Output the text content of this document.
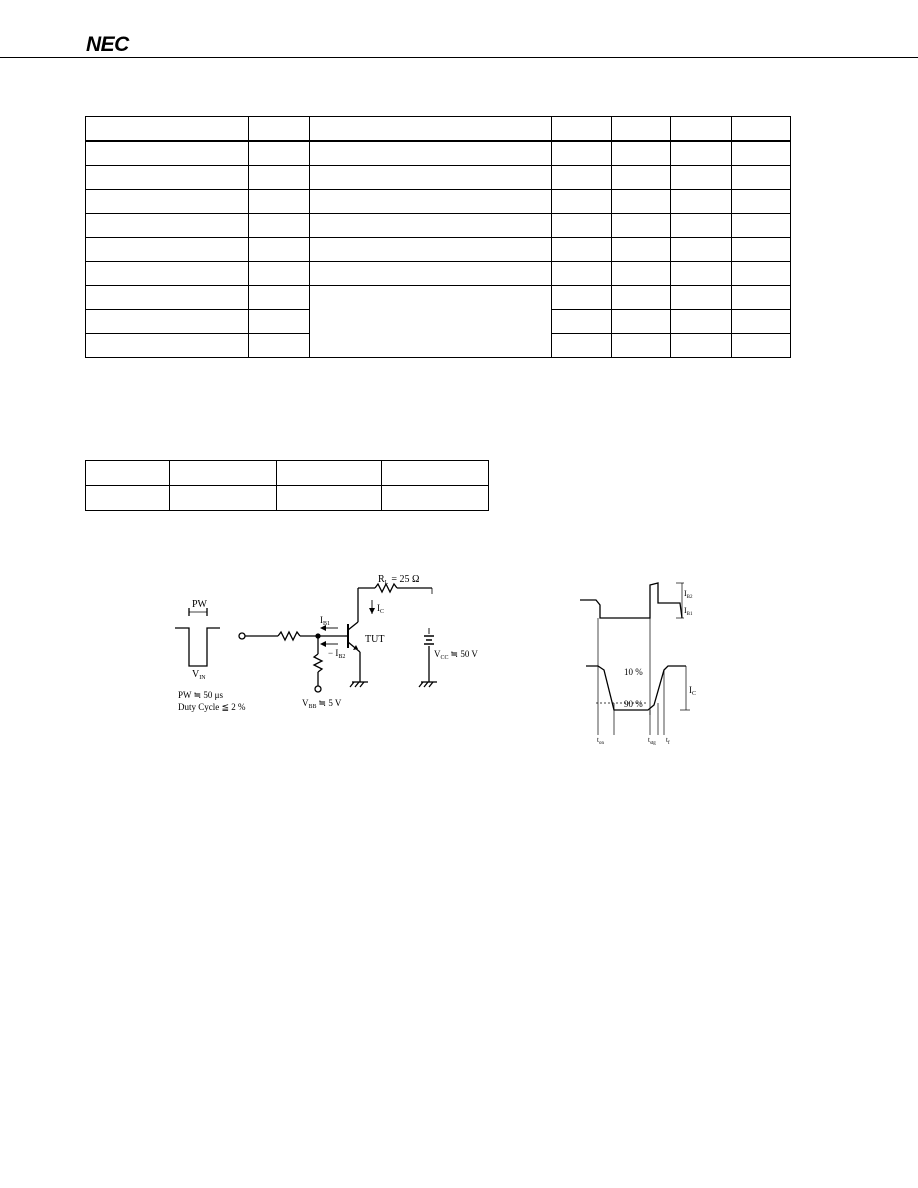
NEC

PW
$V_{IN}$
PW ≒ 50 μs
Duty Cycle ≦ 2 %
$R_L = 25$ Ω
$I_C$
$I_{B1}$
− $I_{B2}$
TUT
$V_{BB}$ ≒ 5 V
$V_{CC}$ ≒ 50 V
$I_{B2}$
$I_{B1}$
10 %
90 %
$I_C$
$t_{on}$	$t_{stg}$ $t_f$
